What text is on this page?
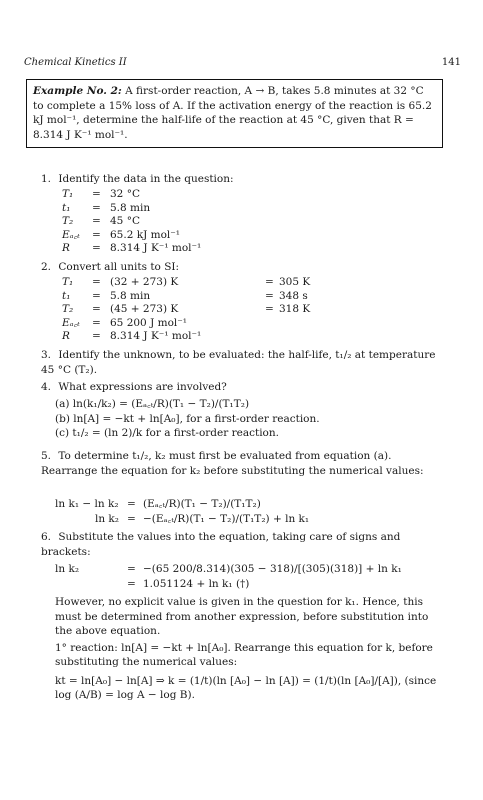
Chemical Kinetics II	141
Example No. 2: A first-order reaction, A → B, takes 5.8 minutes at 32 °C to complete a 15% loss of A. If the activation energy of the reaction is 65.2 kJ mol⁻¹, determine the half-life of the reaction at 45 °C, given that R = 8.314 J K⁻¹ mol⁻¹.
1. Identify the data in the question:
T₁	= 32 °C
t₁	= 5.8 min
T₂	= 45 °C
Eₐ꜀ₜ	= 65.2 kJ mol⁻¹
R	= 8.314 J K⁻¹ mol⁻¹
2. Convert all units to SI:
T₁	= (32 + 273) K	= 305 K
t₁	= 5.8 min	= 348 s
T₂	= (45 + 273) K	= 318 K
Eₐ꜀ₜ	= 65 200 J mol⁻¹
R	= 8.314 J K⁻¹ mol⁻¹
3. Identify the unknown, to be evaluated: the half-life, t₁/₂ at temperature 45 °C (T₂).
4. What expressions are involved?
(a) ln(k₁/k₂) = (Eₐ꜀ₜ/R)(T₁ − T₂)/(T₁T₂)
(b) ln[A] = −kt + ln[A₀], for a first-order reaction.
(c) t₁/₂ = (ln 2)/k for a first-order reaction.
5. To determine t₁/₂, k₂ must first be evaluated from equation (a). Rearrange the equation for k₂ before substituting the numerical values:
ln k₁ − ln k₂ = (Eₐ꜀ₜ/R)(T₁ − T₂)/(T₁T₂)
ln k₂ = −(Eₐ꜀ₜ/R)(T₁ − T₂)/(T₁T₂) + ln k₁
6. Substitute the values into the equation, taking care of signs and brackets:
ln k₂	= −(65 200/8.314)(305 − 318)/[(305)(318)] + ln k₁
= 1.051124 + ln k₁ (†)
However, no explicit value is given in the question for k₁. Hence, this must be determined from another expression, before substitution into the above equation.
1° reaction: ln[A] = −kt + ln[A₀]. Rearrange this equation for k, before substituting the numerical values:
kt = ln[A₀] − ln[A] ⇒ k = (1/t)(ln [A₀] − ln [A]) = (1/t)(ln [A₀]/[A]), (since log (A/B) = log A − log B).
